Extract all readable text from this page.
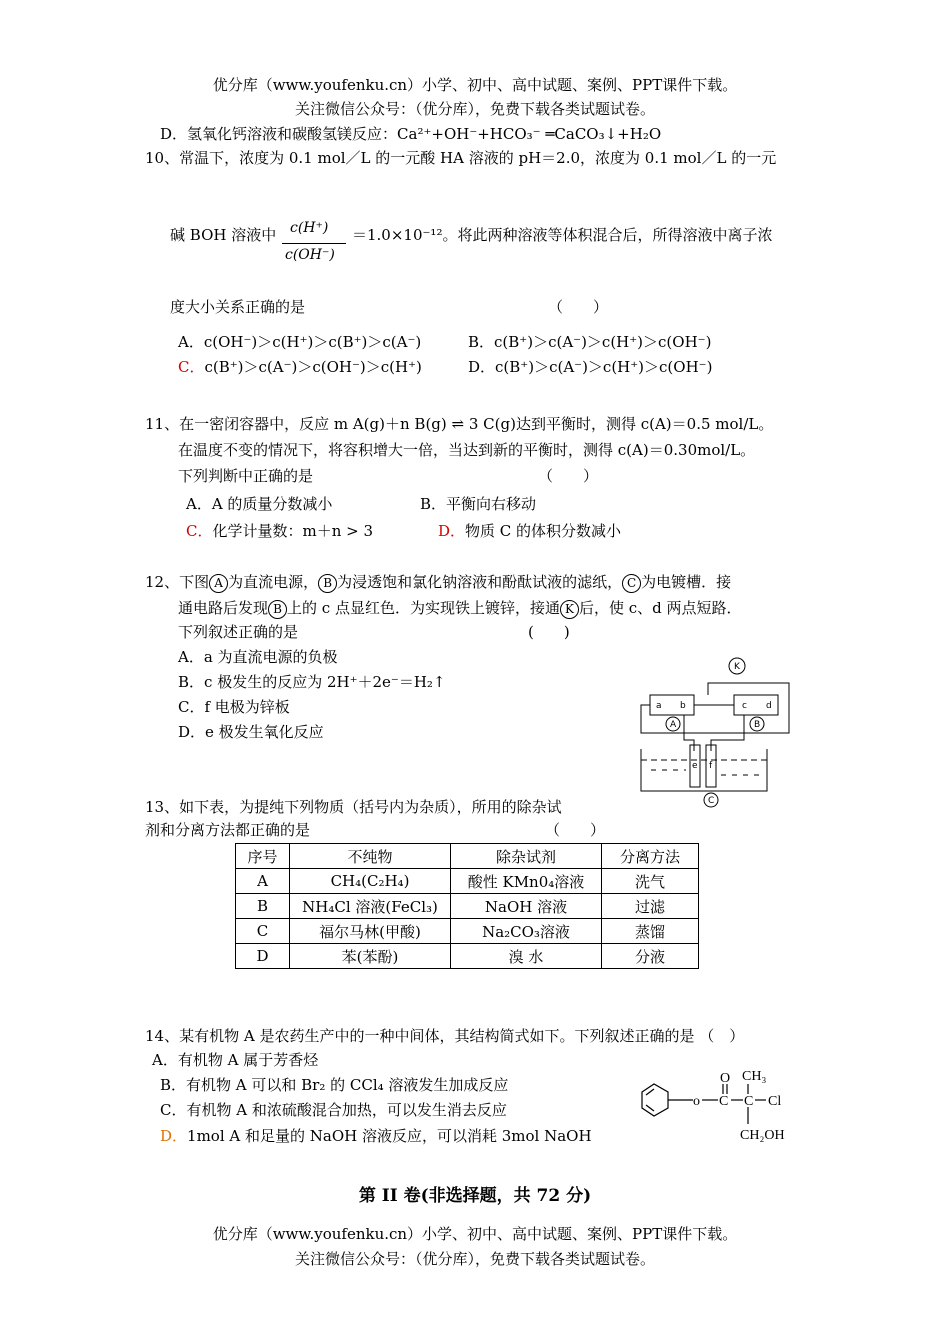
优分库（www.youfenku.cn）小学、初中、高中试题、案例、PPT课件下载。
关注微信公众号：（优分库），免费下载各类试题试卷。
D．氢氧化钙溶液和碳酸氢镁反应：Ca²⁺+OH⁻+HCO₃⁻ ═CaCO₃↓+H₂O
10、常温下，浓度为 0.1 mol／L 的一元酸 HA 溶液的 pH＝2.0，浓度为 0.1 mol／L 的一元
碱 BOH 溶液中 c(H⁺)
c(OH⁻)
＝1.0×10⁻¹²。将此两种溶液等体积混合后，所得溶液中离子浓
度大小关系正确的是	（　　）
A．c(OH⁻)＞c(H⁺)＞c(B⁺)＞c(A⁻)	B．c(B⁺)＞c(A⁻)＞c(H⁺)＞c(OH⁻)
C．c(B⁺)＞c(A⁻)＞c(OH⁻)＞c(H⁺)	D．c(B⁺)＞c(A⁻)＞c(H⁺)＞c(OH⁻)
11、在一密闭容器中，反应 m A(g)＋n B(g) ⇌ 3 C(g)达到平衡时，测得 c(A)＝0.5 mol/L。
在温度不变的情况下，将容积增大一倍，当达到新的平衡时，测得 c(A)＝0.30mol/L。
下列判断中正确的是	（　　）
A．A 的质量分数减小	B．平衡向右移动
C．化学计量数：m＋n > 3	D．物质 C 的体积分数减小
12、下图 A 为直流电源， B 为浸透饱和氯化钠溶液和酚酞试液的滤纸， C 为电镀槽．接
通电路后发现 B 上的 c 点显红色．为实现铁上镀锌，接通 K 后，使 c、d 两点短路．
下列叙述正确的是	(　　)
A．a 为直流电源的负极
B．c 极发生的反应为 2H⁺＋2e⁻＝H₂↑
C．f 电极为锌板
D．e 极发生氧化反应
K
a b	c d
A	B
e f
C
13、如下表，为提纯下列物质（括号内为杂质），所用的除杂试
剂和分离方法都正确的是	（　　）
序号	不纯物	除杂试剂	分离方法
A	CH₄(C₂H₄)	酸性 KMn0₄溶液	洗气
B	NH₄Cl 溶液(FeCl₃)	NaOH 溶液	过滤
C	福尔马林(甲酸)	Na₂CO₃溶液	蒸馏
D	苯(苯酚)	溴 水	分液
14、某有机物 A 是农药生产中的一种中间体，其结构简式如下。下列叙述正确的是 （　）
A．有机物 A 属于芳香烃
B．有机物 A 可以和 Br₂ 的 CCl₄ 溶液发生加成反应
C．有机物 A 和浓硫酸混合加热，可以发生消去反应
D．1mol A 和足量的 NaOH 溶液反应，可以消耗 3mol NaOH
CH₃
O
o C C Cl
CH₂OH
第 II 卷(非选择题，共 72 分)
优分库（www.youfenku.cn）小学、初中、高中试题、案例、PPT课件下载。
关注微信公众号：（优分库），免费下载各类试题试卷。
